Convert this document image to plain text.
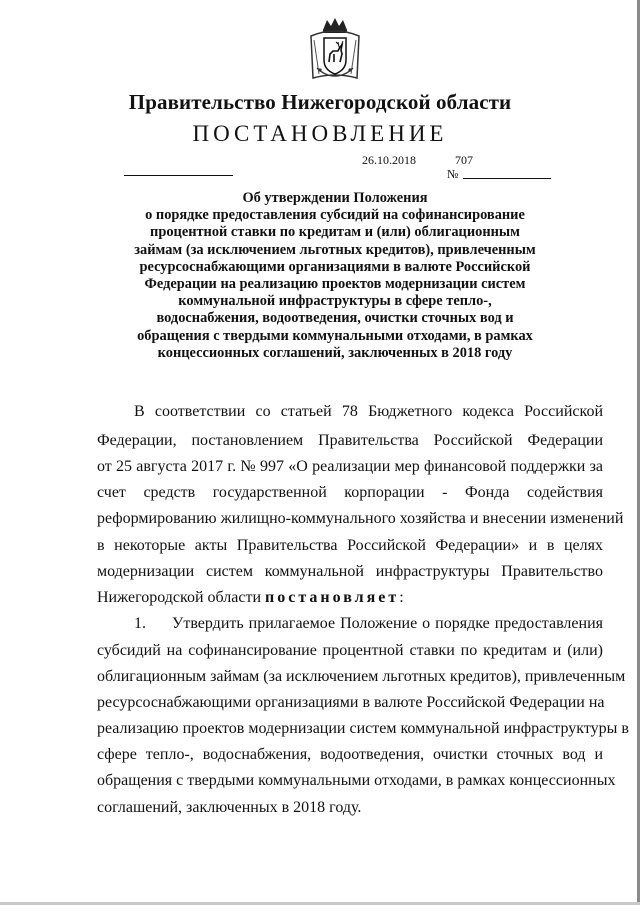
Правительство Нижегородской области
ПОСТАНОВЛЕНИЕ
26.10.2018	707
№
Об утверждении Положения
о порядке предоставления субсидий на софинансирование
процентной ставки по кредитам и (или) облигационным
займам (за исключением льготных кредитов), привлеченным
ресурсоснабжающими организациями в валюте Российской
Федерации на реализацию проектов модернизации систем
коммунальной инфраструктуры в сфере тепло-,
водоснабжения, водоотведения, очистки сточных вод и
обращения с твердыми коммунальными отходами, в рамках
концессионных соглашений, заключенных в 2018 году
В соответствии со статьей 78 Бюджетного кодекса Российской
Федерации, постановлением Правительства Российской Федерации
от 25 августа 2017 г. № 997 «О реализации мер финансовой поддержки за
счет средств государственной корпорации - Фонда содействия
реформированию жилищно-коммунального хозяйства и внесении изменений
в некоторые акты Правительства Российской Федерации» и в целях
модернизации систем коммунальной инфраструктуры Правительство
Нижегородской области постановляет:
1. Утвердить прилагаемое Положение о порядке предоставления
субсидий на софинансирование процентной ставки по кредитам и (или)
облигационным займам (за исключением льготных кредитов), привлеченным
ресурсоснабжающими организациями в валюте Российской Федерации на
реализацию проектов модернизации систем коммунальной инфраструктуры в
сфере тепло-, водоснабжения, водоотведения, очистки сточных вод и
обращения с твердыми коммунальными отходами, в рамках концессионных
соглашений, заключенных в 2018 году.
